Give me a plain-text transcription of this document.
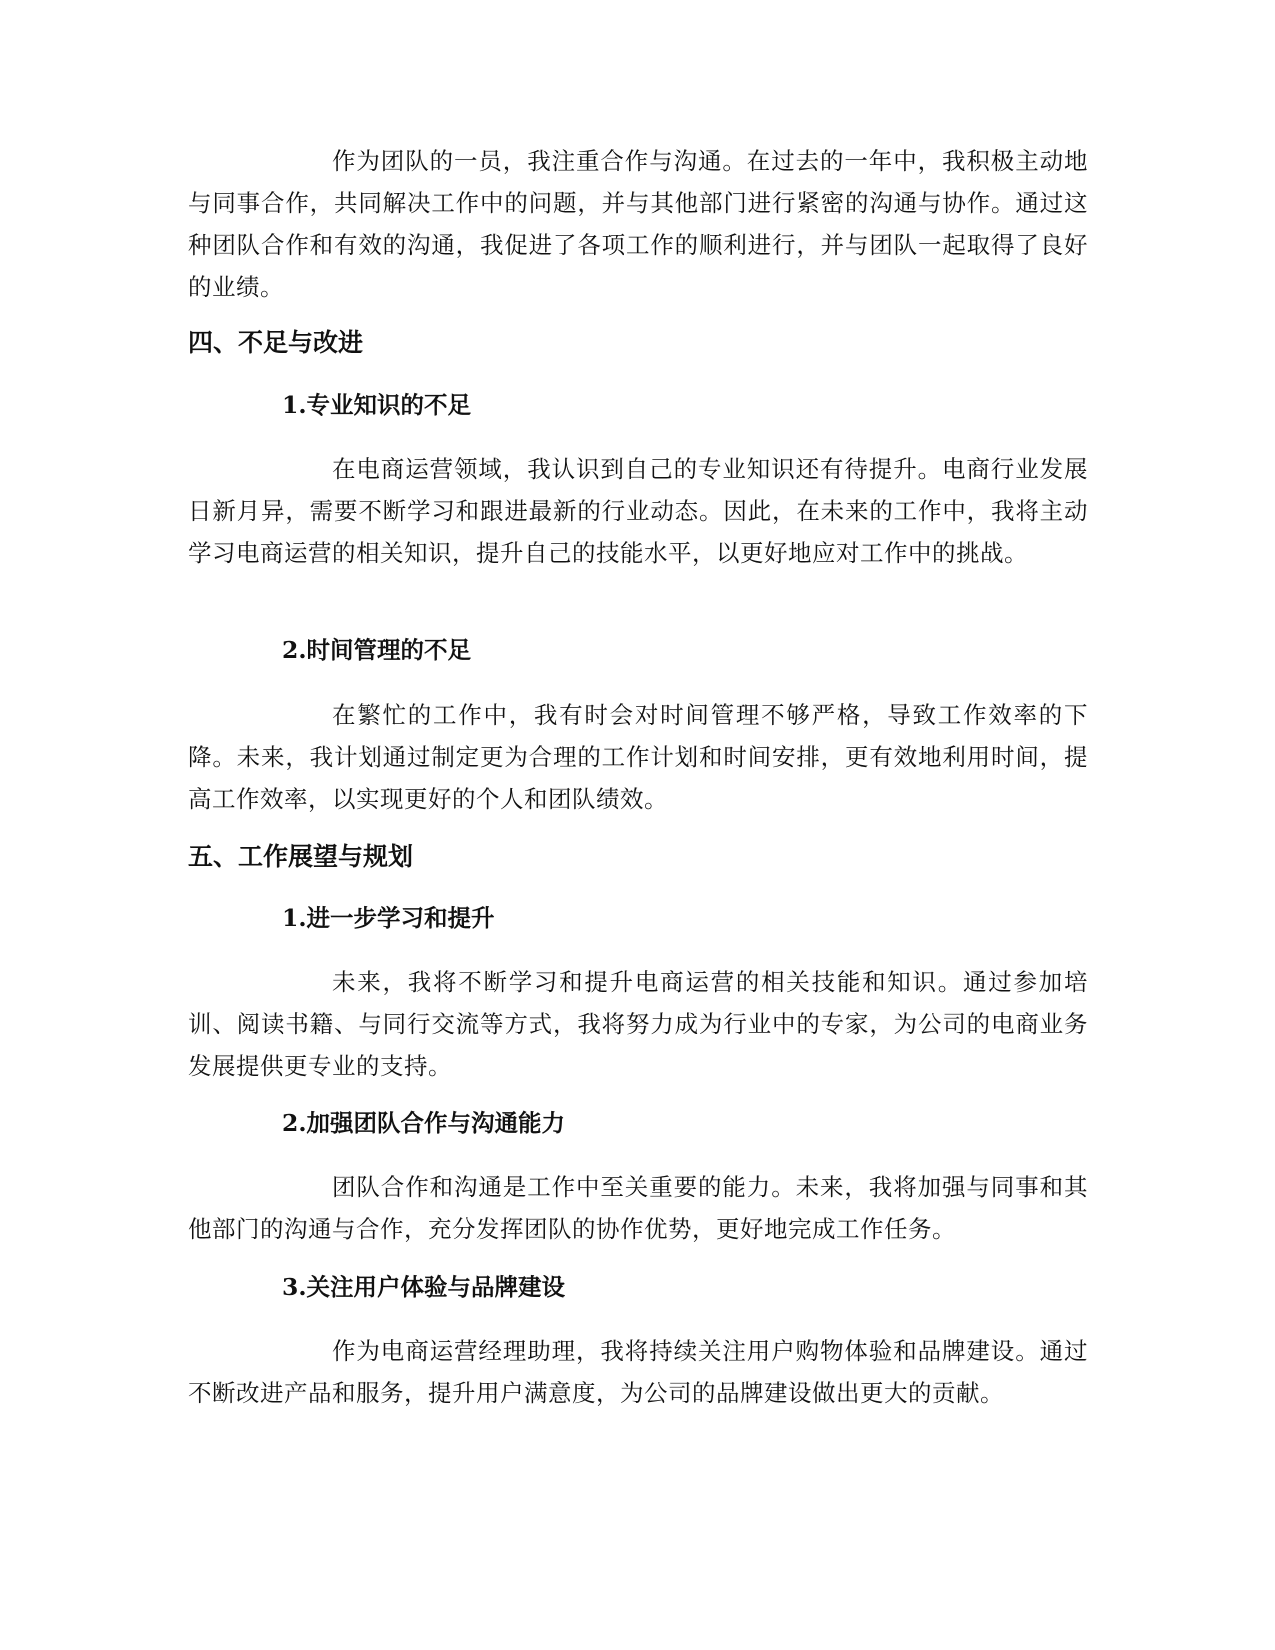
作为团队的一员，我注重合作与沟通。在过去的一年中，我积极主动地与同事合作，共同解决工作中的问题，并与其他部门进行紧密的沟通与协作。通过这种团队合作和有效的沟通，我促进了各项工作的顺利进行，并与团队一起取得了良好的业绩。

四、不足与改进
1.专业知识的不足

在电商运营领域，我认识到自己的专业知识还有待提升。电商行业发展日新月异，需要不断学习和跟进最新的行业动态。因此，在未来的工作中，我将主动学习电商运营的相关知识，提升自己的技能水平，以更好地应对工作中的挑战。

2.时间管理的不足

在繁忙的工作中，我有时会对时间管理不够严格，导致工作效率的下降。未来，我计划通过制定更为合理的工作计划和时间安排，更有效地利用时间，提高工作效率，以实现更好的个人和团队绩效。

五、工作展望与规划
1.进一步学习和提升

未来，我将不断学习和提升电商运营的相关技能和知识。通过参加培训、阅读书籍、与同行交流等方式，我将努力成为行业中的专家，为公司的电商业务发展提供更专业的支持。

2.加强团队合作与沟通能力

团队合作和沟通是工作中至关重要的能力。未来，我将加强与同事和其他部门的沟通与合作，充分发挥团队的协作优势，更好地完成工作任务。

3.关注用户体验与品牌建设

作为电商运营经理助理，我将持续关注用户购物体验和品牌建设。通过不断改进产品和服务，提升用户满意度，为公司的品牌建设做出更大的贡献。
